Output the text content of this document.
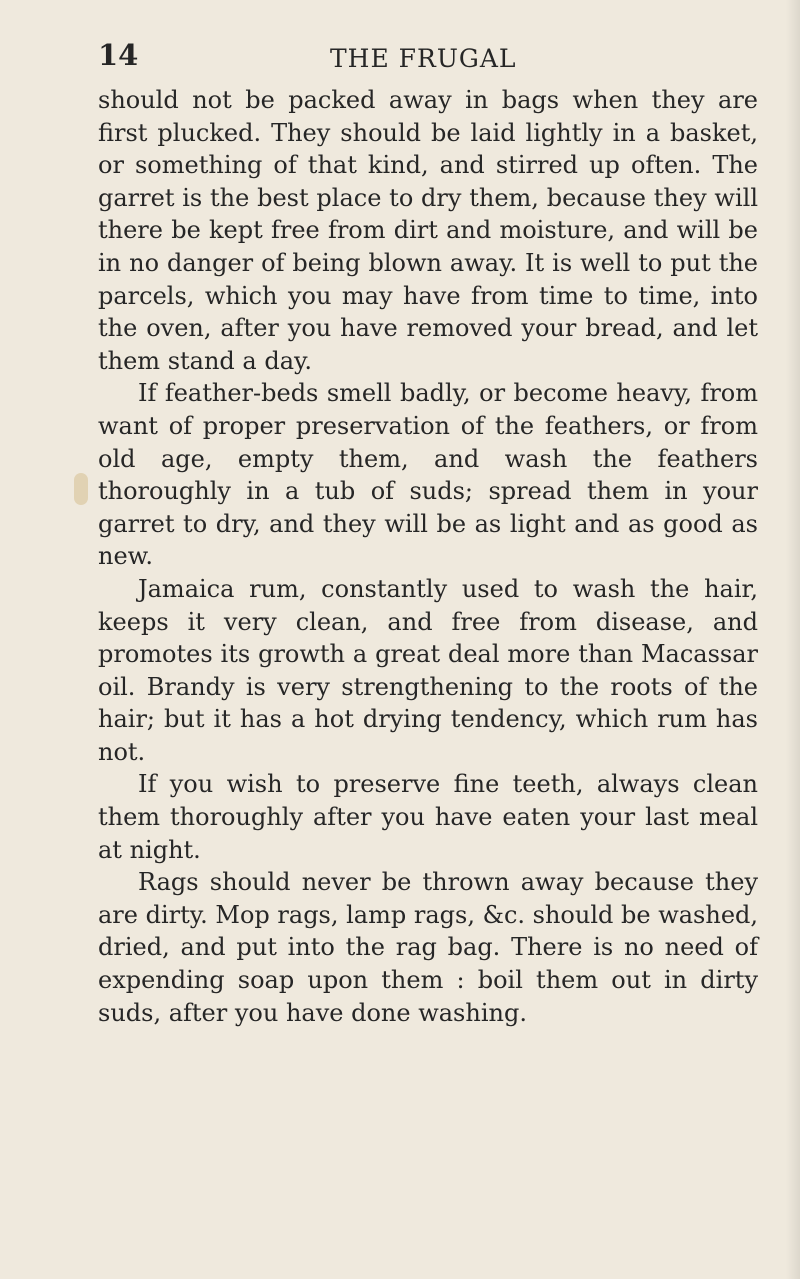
14	THE FRUGAL

should not be packed away in bags when they are first plucked. They should be laid lightly in a basket, or something of that kind, and stirred up often. The garret is the best place to dry them, because they will there be kept free from dirt and moisture, and will be in no danger of being blown away. It is well to put the parcels, which you may have from time to time, into the oven, after you have removed your bread, and let them stand a day.

If feather-beds smell badly, or become heavy, from want of proper preservation of the feathers, or from old age, empty them, and wash the feathers thoroughly in a tub of suds; spread them in your garret to dry, and they will be as light and as good as new.

Jamaica rum, constantly used to wash the hair, keeps it very clean, and free from disease, and promotes its growth a great deal more than Macassar oil. Brandy is very strengthening to the roots of the hair; but it has a hot drying tendency, which rum has not.

If you wish to preserve fine teeth, always clean them thoroughly after you have eaten your last meal at night.

Rags should never be thrown away because they are dirty. Mop rags, lamp rags, &c. should be washed, dried, and put into the rag bag. There is no need of expending soap upon them : boil them out in dirty suds, after you have done washing.
